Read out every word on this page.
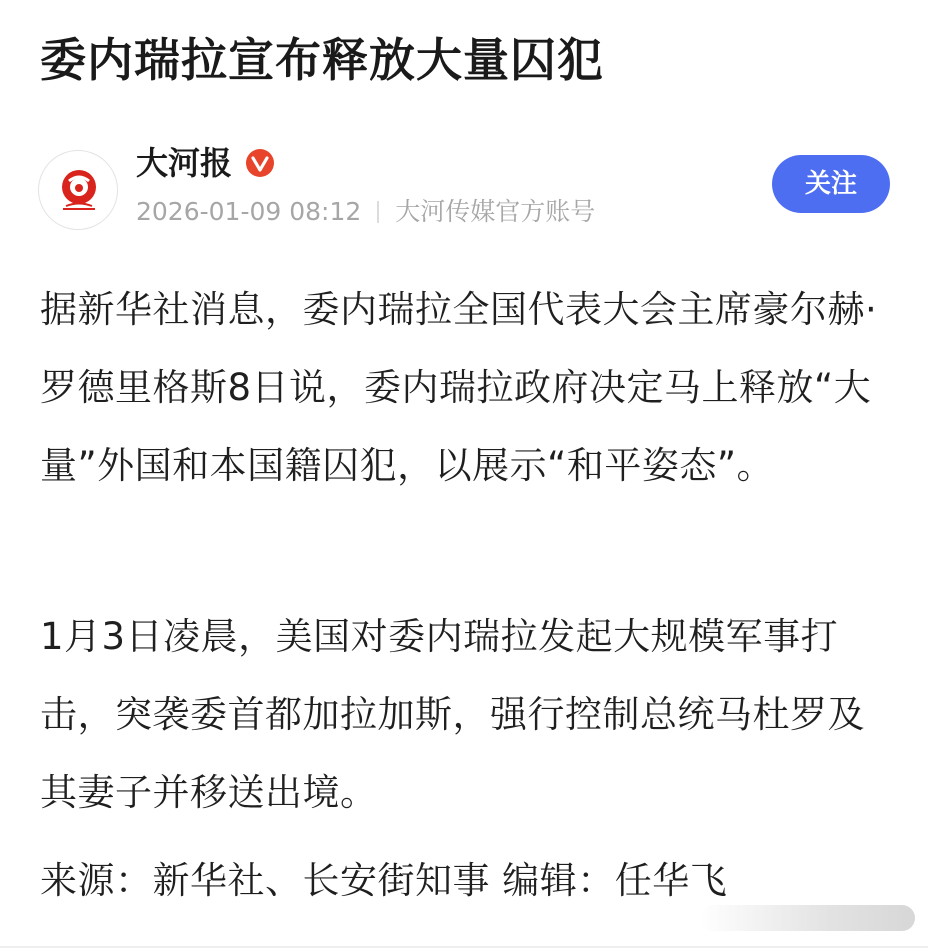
委内瑞拉宣布释放大量囚犯
大河报
2026-01-09 08:12 大河传媒官方账号
关注

据新华社消息，委内瑞拉全国代表大会主席豪尔赫·罗德里格斯8日说，委内瑞拉政府决定马上释放“大量”外国和本国籍囚犯，以展示“和平姿态”。

1月3日凌晨，美国对委内瑞拉发起大规模军事打击，突袭委首都加拉加斯，强行控制总统马杜罗及其妻子并移送出境。

来源：新华社、长安街知事 编辑：任华飞
